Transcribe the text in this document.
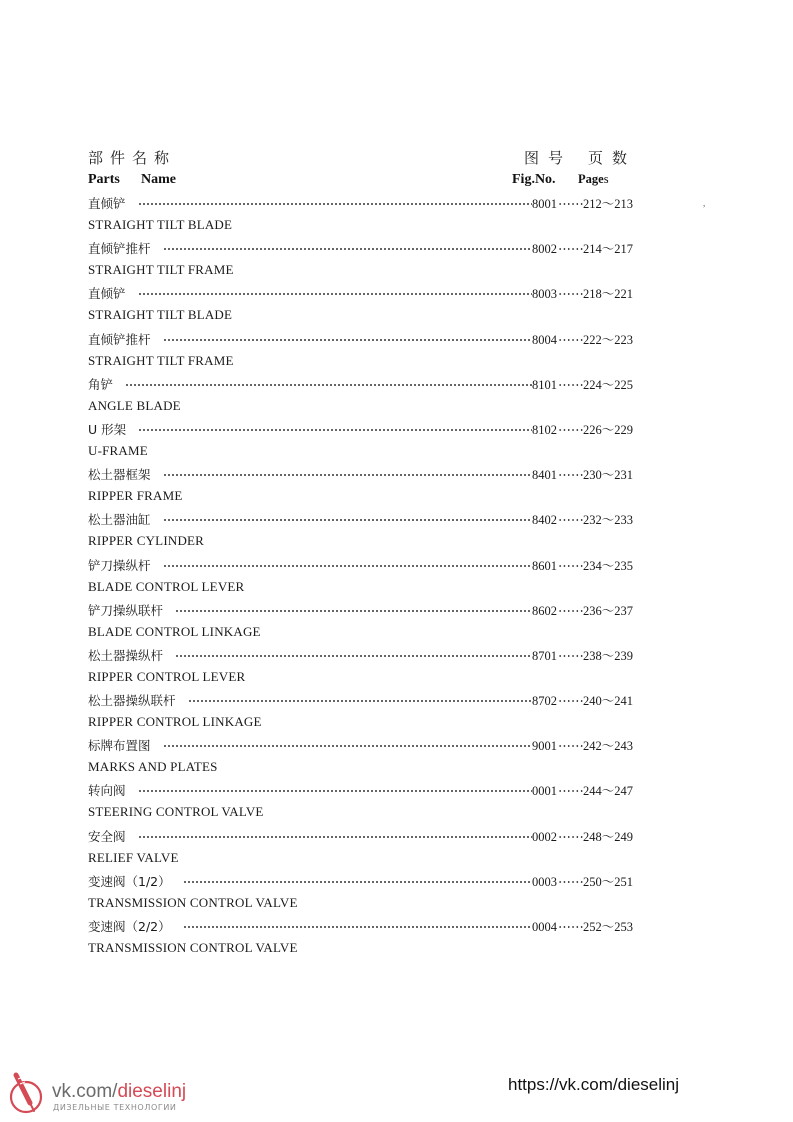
部件名称	图号 页数
Parts Name	Fig.No. Pages
,
直倾铲	8001 212～213
STRAIGHT TILT BLADE
直倾铲推杆	8002 214～217
STRAIGHT TILT FRAME
直倾铲	8003 218～221
STRAIGHT TILT BLADE
直倾铲推杆	8004 222～223
STRAIGHT TILT FRAME
角铲	8101 224～225
ANGLE BLADE
U 形架	8102 226～229
U-FRAME
松土器框架	8401 230～231
RIPPER FRAME
松土器油缸	8402 232～233
RIPPER CYLINDER
铲刀操纵杆	8601 234～235
BLADE CONTROL LEVER
铲刀操纵联杆	8602 236～237
BLADE CONTROL LINKAGE
松土器操纵杆	8701 238～239
RIPPER CONTROL LEVER
松土器操纵联杆	8702 240～241
RIPPER CONTROL LINKAGE
标牌布置图	9001 242～243
MARKS AND PLATES
转向阀	0001 244～247
STEERING CONTROL VALVE
安全阀	0002 248～249
RELIEF VALVE
变速阀（1/2）	0003 250～251
TRANSMISSION CONTROL VALVE
变速阀（2/2）	0004 252～253
TRANSMISSION CONTROL VALVE
vk.com/dieselinj
ДИЗЕЛЬНЫЕ ТЕХНОЛОГИИ
https://vk.com/dieselinj
